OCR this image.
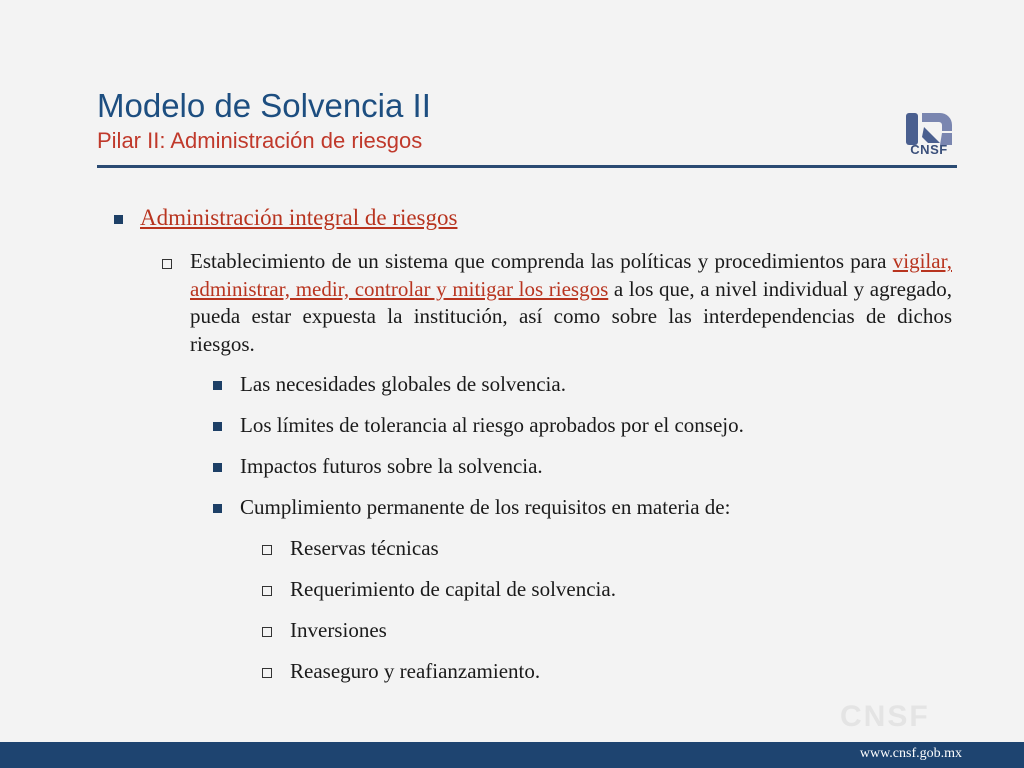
Modelo de Solvencia II
Pilar II: Administración de riesgos	CNSF
Administración integral de riesgos
Establecimiento de un sistema que comprenda las políticas y procedimientos para vigilar, administrar, medir, controlar y mitigar los riesgos a los que, a nivel individual y agregado, pueda estar expuesta la institución, así como sobre las interdependencias de dichos riesgos.
Las necesidades globales de solvencia.
Los límites de tolerancia al riesgo aprobados por el consejo.
Impactos futuros sobre la solvencia.
Cumplimiento permanente de los requisitos en materia de:
Reservas técnicas
Requerimiento de capital de solvencia.
Inversiones
Reaseguro y reafianzamiento.
CNSF
www.cnsf.gob.mx
